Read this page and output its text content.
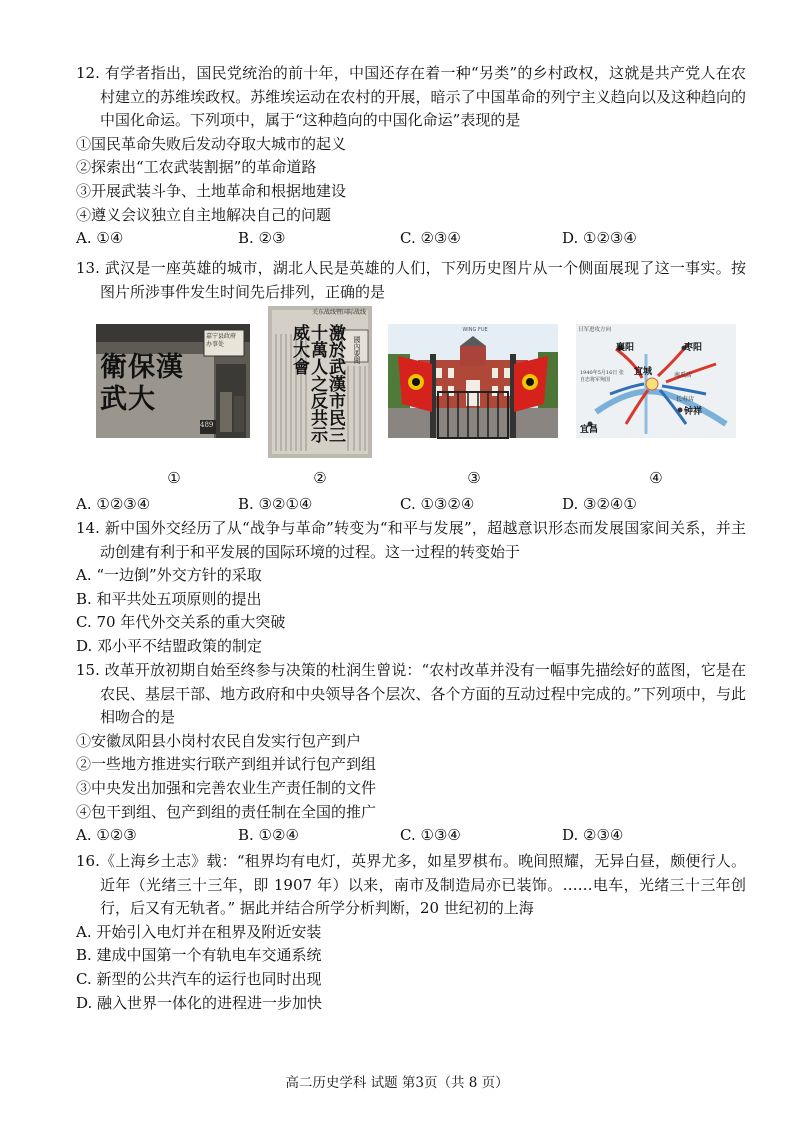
12. 有学者指出，国民党统治的前十年，中国还存在着一种“另类”的乡村政权，这就是共产党人在农村建立的苏维埃政权。苏维埃运动在农村的开展，暗示了中国革命的列宁主义趋向以及这种趋向的中国化命运。下列项中，属于“这种趋向的中国化命运”表现的是

①国民革命失败后发动夺取大城市的起义

②探索出“工农武装割据”的革命道路

③开展武装斗争、土地革命和根据地建设

④遵义会议独立自主地解决自己的问题

A. ①④	B. ②③	C. ②③④	D. ①②③④

13. 武汉是一座英雄的城市，湖北人民是英雄的人们，下列历史图片从一个侧面展现了这一事实。按图片所涉事件发生时间先后排列，正确的是

衛保漢武大
嘉宁县政府
办事处
489
①
关东战线暨国际战线
激於武漢市民三十萬人之反共示威大會	國內要聞
②
WING FUE
③
日军进攻方向
襄阳	枣阳
宜城	南瓜店
长寿店
钟祥
宜昌
1940年5月16日 张自忠将军殉国
④
A. ①②③④	B. ③②①④	C. ①③②④	D. ③②④①

14. 新中国外交经历了从“战争与革命”转变为“和平与发展”，超越意识形态而发展国家间关系，并主动创建有利于和平发展的国际环境的过程。这一过程的转变始于

A. “一边倒”外交方针的采取

B. 和平共处五项原则的提出

C. 70 年代外交关系的重大突破

D. 邓小平不结盟政策的制定

15. 改革开放初期自始至终参与决策的杜润生曾说：“农村改革并没有一幅事先描绘好的蓝图，它是在农民、基层干部、地方政府和中央领导各个层次、各个方面的互动过程中完成的。”下列项中，与此相吻合的是

①安徽凤阳县小岗村农民自发实行包产到户

②一些地方推进实行联产到组并试行包产到组

③中央发出加强和完善农业生产责任制的文件

④包干到组、包产到组的责任制在全国的推广

A. ①②③	B. ①②④	C. ①③④	D. ②③④

16.《上海乡土志》载：“租界均有电灯，英界尤多，如星罗棋布。晚间照耀，无异白昼，颇便行人。近年（光绪三十三年，即 1907 年）以来，南市及制造局亦已装饰。……电车，光绪三十三年创行，后又有无轨者。” 据此并结合所学分析判断，20 世纪初的上海

A. 开始引入电灯并在租界及附近安装

B. 建成中国第一个有轨电车交通系统

C. 新型的公共汽车的运行也同时出现

D. 融入世界一体化的进程进一步加快

高二历史学科 试题 第3页（共 8 页）
